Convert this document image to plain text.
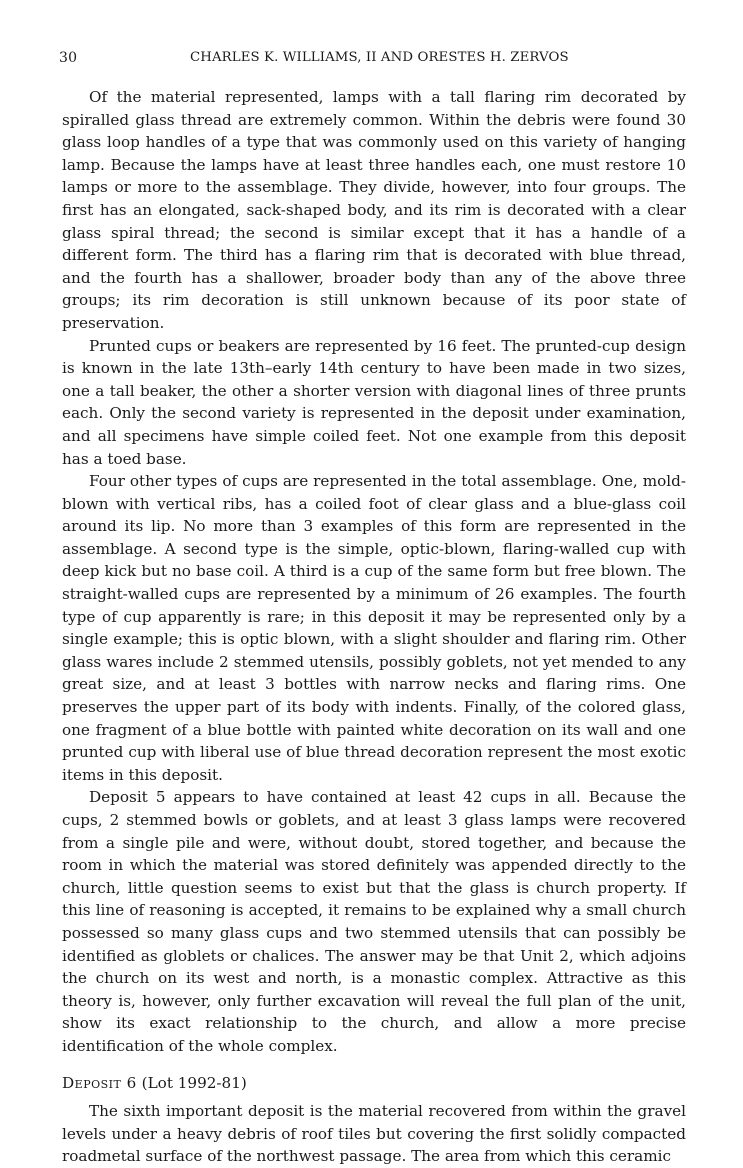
30	CHARLES K. WILLIAMS, II AND ORESTES H. ZERVOS

Of the material represented, lamps with a tall flaring rim decorated by spiralled glass thread are extremely common. Within the debris were found 30 glass loop handles of a type that was commonly used on this variety of hanging lamp. Because the lamps have at least three handles each, one must restore 10 lamps or more to the assemblage. They divide, however, into four groups. The first has an elongated, sack-shaped body, and its rim is decorated with a clear glass spiral thread; the second is similar except that it has a handle of a different form. The third has a flaring rim that is decorated with blue thread, and the fourth has a shallower, broader body than any of the above three groups; its rim decoration is still unknown because of its poor state of preservation.

Prunted cups or beakers are represented by 16 feet. The prunted-cup design is known in the late 13th–early 14th century to have been made in two sizes, one a tall beaker, the other a shorter version with diagonal lines of three prunts each. Only the second variety is represented in the deposit under examination, and all specimens have simple coiled feet. Not one example from this deposit has a toed base.

Four other types of cups are represented in the total assemblage. One, mold-blown with vertical ribs, has a coiled foot of clear glass and a blue-glass coil around its lip. No more than 3 examples of this form are represented in the assemblage. A second type is the simple, optic-blown, flaring-walled cup with deep kick but no base coil. A third is a cup of the same form but free blown. The straight-walled cups are represented by a minimum of 26 examples. The fourth type of cup apparently is rare; in this deposit it may be represented only by a single example; this is optic blown, with a slight shoulder and flaring rim. Other glass wares include 2 stemmed utensils, possibly goblets, not yet mended to any great size, and at least 3 bottles with narrow necks and flaring rims. One preserves the upper part of its body with indents. Finally, of the colored glass, one fragment of a blue bottle with painted white decoration on its wall and one prunted cup with liberal use of blue thread decoration represent the most exotic items in this deposit.

Deposit 5 appears to have contained at least 42 cups in all. Because the cups, 2 stemmed bowls or goblets, and at least 3 glass lamps were recovered from a single pile and were, without doubt, stored together, and because the room in which the material was stored definitely was appended directly to the church, little question seems to exist but that the glass is church property. If this line of reasoning is accepted, it remains to be explained why a small church possessed so many glass cups and two stemmed utensils that can possibly be identified as globlets or chalices. The answer may be that Unit 2, which adjoins the church on its west and north, is a monastic complex. Attractive as this theory is, however, only further excavation will reveal the full plan of the unit, show its exact relationship to the church, and allow a more precise identification of the whole complex.

Deposit 6 (Lot 1992-81)

The sixth important deposit is the material recovered from within the gravel levels under a heavy debris of roof tiles but covering the first solidly compacted roadmetal surface of the northwest passage. The area from which this ceramic
